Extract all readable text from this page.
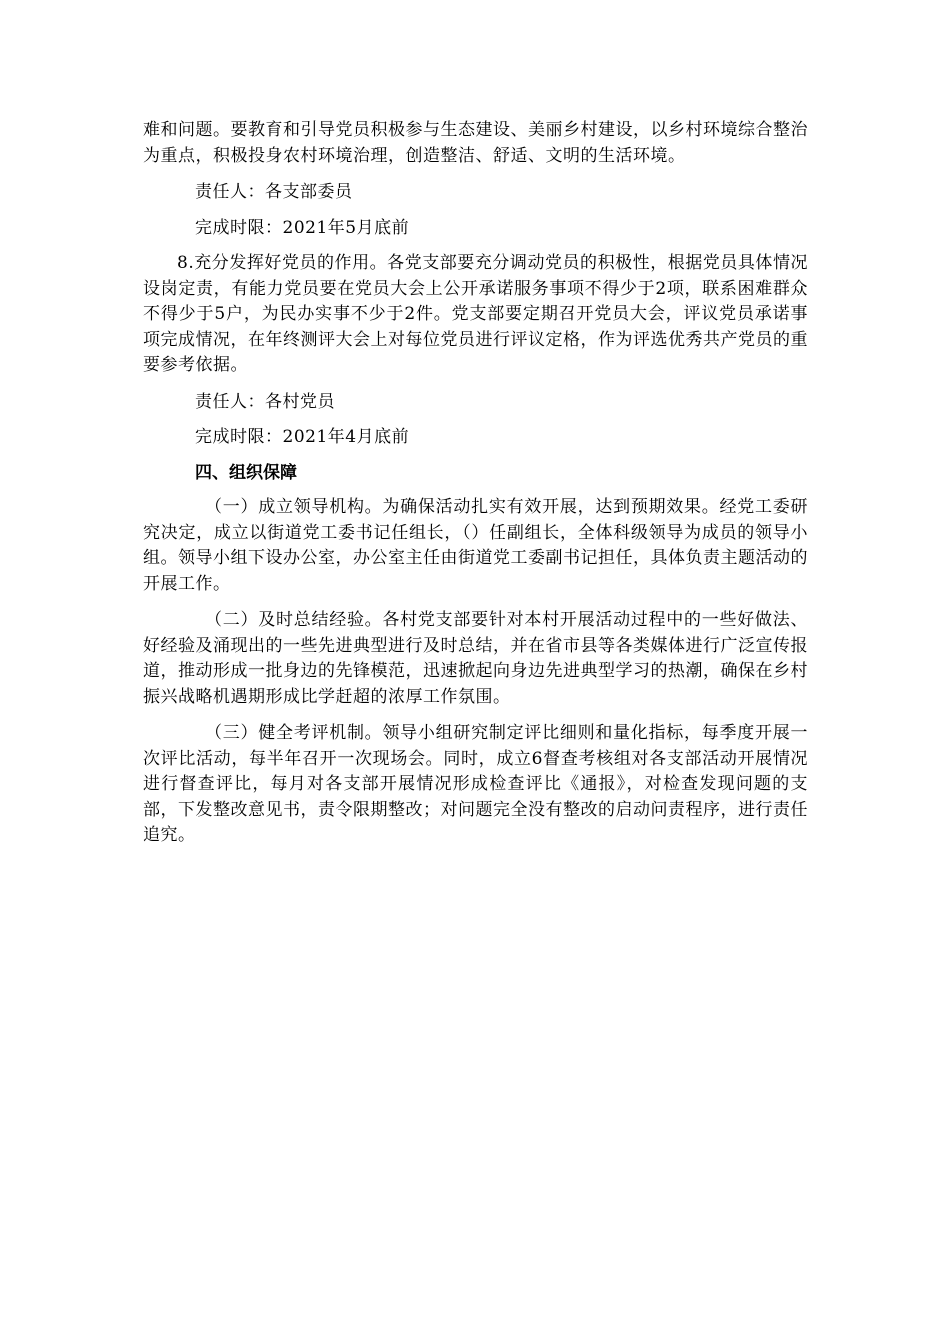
难和问题。要教育和引导党员积极参与生态建设、美丽乡村建设，以乡村环境综合整治为重点，积极投身农村环境治理，创造整洁、舒适、文明的生活环境。

责任人：各支部委员

完成时限：2021年5月底前

8.充分发挥好党员的作用。各党支部要充分调动党员的积极性，根据党员具体情况设岗定责，有能力党员要在党员大会上公开承诺服务事项不得少于2项，联系困难群众不得少于5户，为民办实事不少于2件。党支部要定期召开党员大会，评议党员承诺事项完成情况，在年终测评大会上对每位党员进行评议定格，作为评选优秀共产党员的重要参考依据。

责任人：各村党员

完成时限：2021年4月底前

四、组织保障

（一）成立领导机构。为确保活动扎实有效开展，达到预期效果。经党工委研究决定，成立以街道党工委书记任组长，（）任副组长，全体科级领导为成员的领导小组。领导小组下设办公室，办公室主任由街道党工委副书记担任，具体负责主题活动的开展工作。

（二）及时总结经验。各村党支部要针对本村开展活动过程中的一些好做法、好经验及涌现出的一些先进典型进行及时总结，并在省市县等各类媒体进行广泛宣传报道，推动形成一批身边的先锋模范，迅速掀起向身边先进典型学习的热潮，确保在乡村振兴战略机遇期形成比学赶超的浓厚工作氛围。

（三）健全考评机制。领导小组研究制定评比细则和量化指标，每季度开展一次评比活动，每半年召开一次现场会。同时，成立6督查考核组对各支部活动开展情况进行督查评比，每月对各支部开展情况形成检查评比《通报》，对检查发现问题的支部，下发整改意见书，责令限期整改；对问题完全没有整改的启动问责程序，进行责任追究。
